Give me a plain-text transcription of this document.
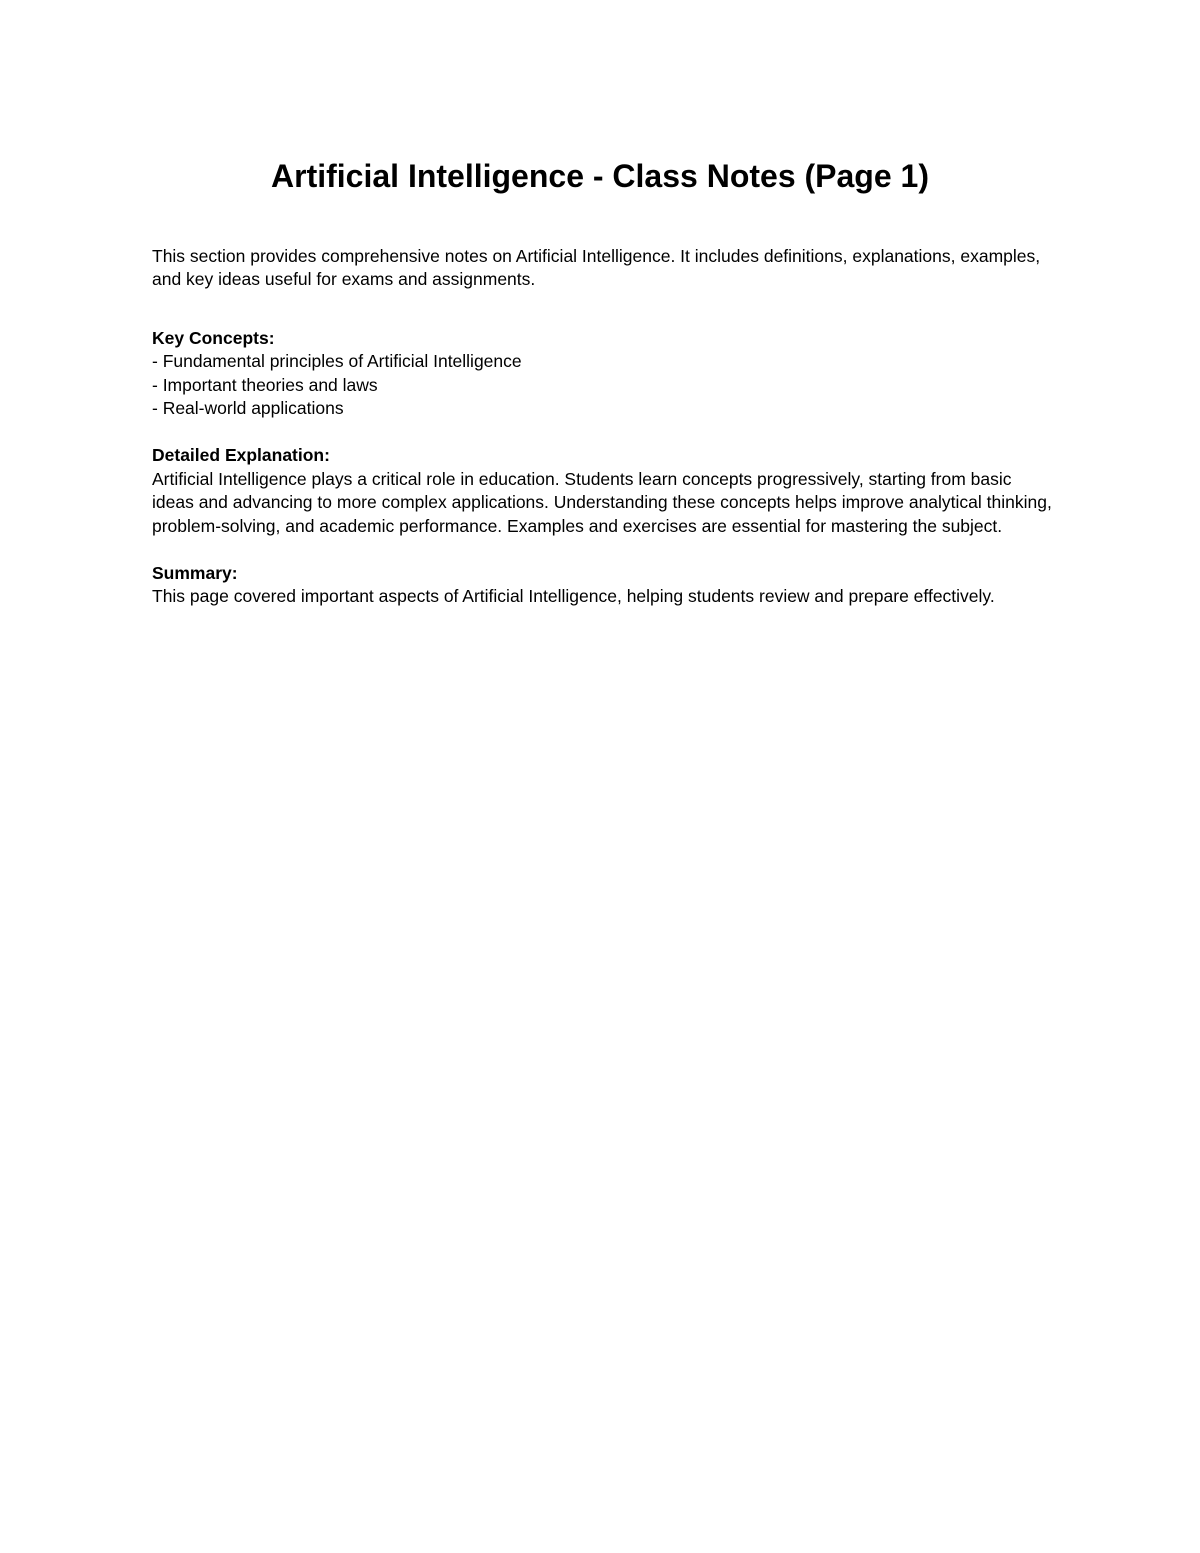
Artificial Intelligence - Class Notes (Page 1)

This section provides comprehensive notes on Artificial Intelligence. It includes definitions, explanations, examples, and key ideas useful for exams and assignments.

Key Concepts:

- Fundamental principles of Artificial Intelligence
- Important theories and laws
- Real-world applications

Detailed Explanation:

Artificial Intelligence plays a critical role in education. Students learn concepts progressively, starting from basic ideas and advancing to more complex applications. Understanding these concepts helps improve analytical thinking, problem-solving, and academic performance. Examples and exercises are essential for mastering the subject.

Summary:

This page covered important aspects of Artificial Intelligence, helping students review and prepare effectively.
